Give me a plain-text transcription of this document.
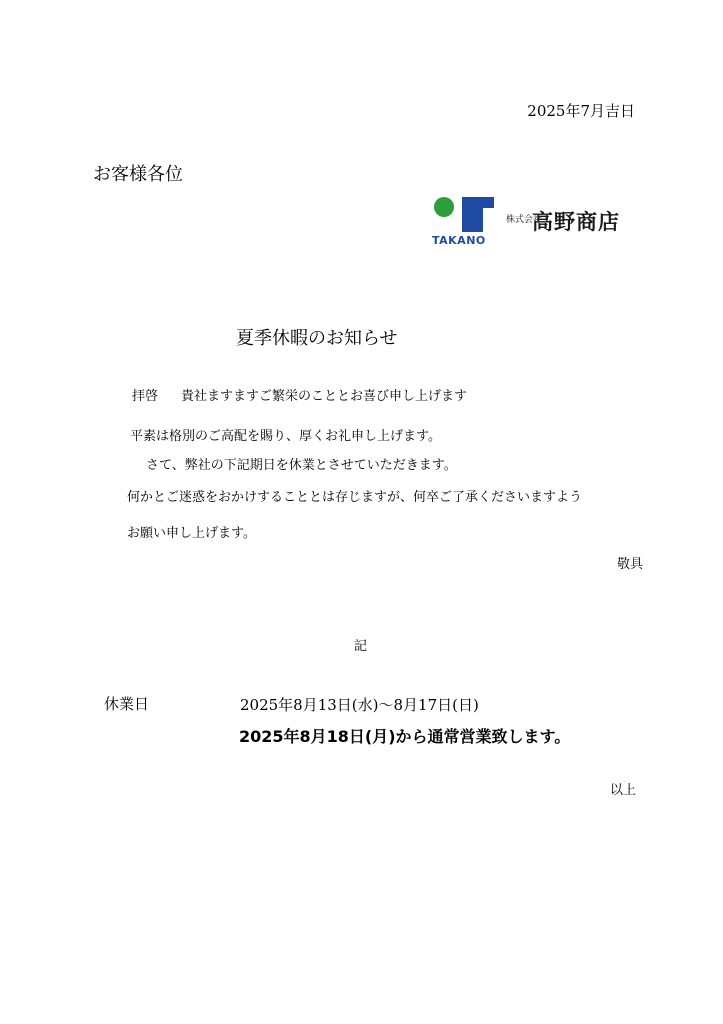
2025年7月吉日
お客様各位
TAKANO
株式会社
高野商店
夏季休暇のお知らせ
拝啓 貴社ますますご繁栄のこととお喜び申し上げます
平素は格別のご高配を賜り、厚くお礼申し上げます。
さて、弊社の下記期日を休業とさせていただきます。
何かとご迷惑をおかけすることとは存じますが、何卒ご了承くださいますよう
お願い申し上げます。
敬具
記
休業日	2025年8月13日(水)～8月17日(日)
2025年8月18日(月)から通常営業致します。
以上
